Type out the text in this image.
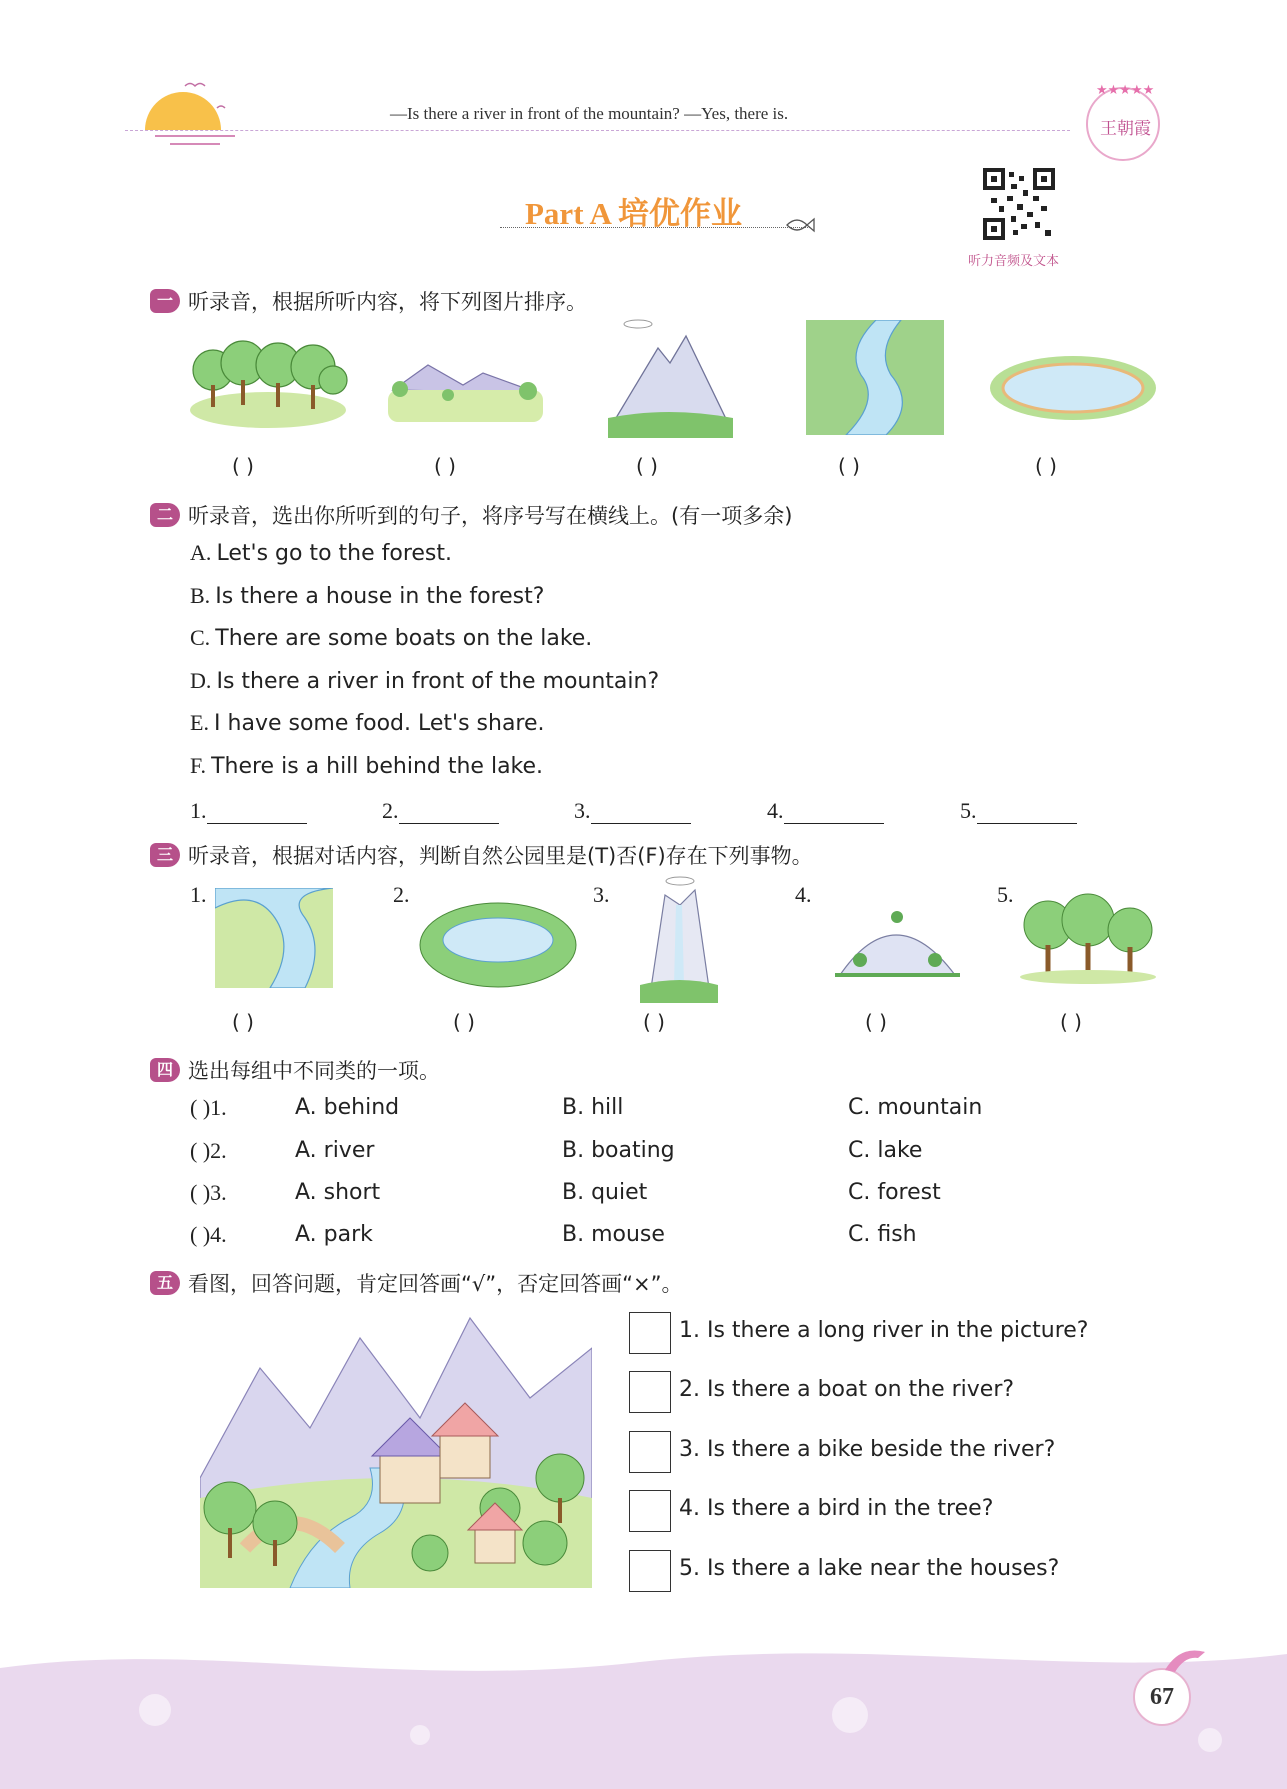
—Is there a river in front of the mountain? —Yes, there is.
★★★★★
王朝霞
Part A 培优作业
听力音频及文本
一 听录音，根据所听内容，将下列图片排序。
( )	( )	( )	( )	( )
二 听录音，选出你所听到的句子，将序号写在横线上。(有一项多余)
A. Let's go to the forest.
B. Is there a house in the forest?
C. There are some boats on the lake.
D. Is there a river in front of the mountain?
E. I have some food. Let's share.
F. There is a hill behind the lake.
1.	2.	3.	4.	5.
三 听录音，根据对话内容，判断自然公园里是(T)否(F)存在下列事物。
1.	2.	3.	4.	5.
( )	( )	( )	( )	( )
四 选出每组中不同类的一项。
( )1.	A. behind	B. hill	C. mountain
( )2.	A. river	B. boating	C. lake
( )3.	A. short	B. quiet	C. forest
( )4.	A. park	B. mouse	C. fish
五 看图，回答问题，肯定回答画“√”，否定回答画“×”。
1. Is there a long river in the picture?
2. Is there a boat on the river?
3. Is there a bike beside the river?
4. Is there a bird in the tree?
5. Is there a lake near the houses?
67
